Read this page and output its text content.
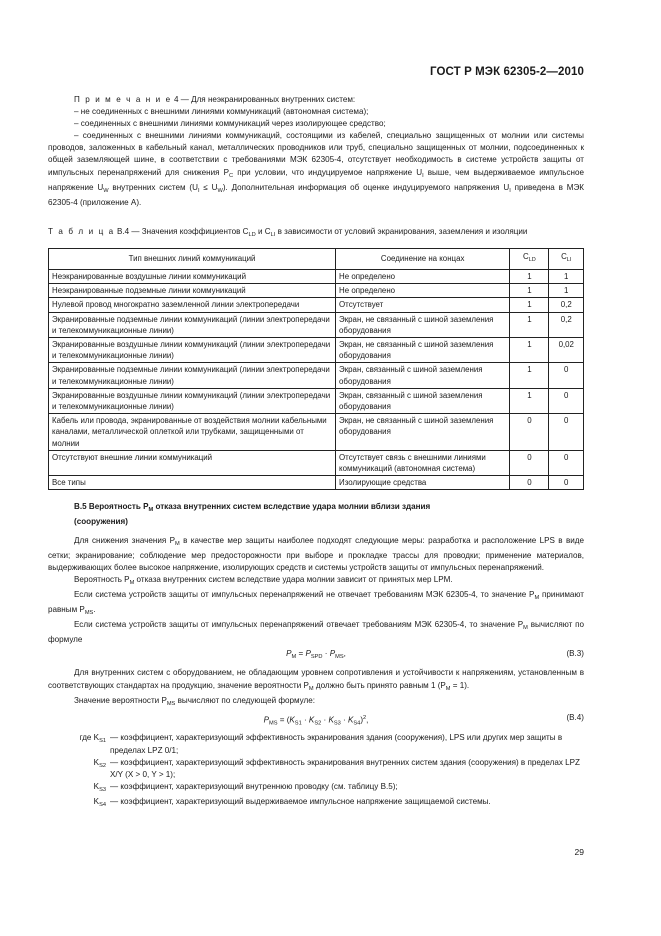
ГОСТ Р МЭК 62305-2—2010

П р и м е ч а н и е 4 — Для неэкранированных внутренних систем:

– не соединенных с внешними линиями коммуникаций (автономная система);

– соединенных с внешними линиями коммуникаций через изолирующее средство;

– соединенных с внешними линиями коммуникаций, состоящими из кабелей, специально защищенных от молнии или системы проводов, заложенных в кабельный канал, металлических проводников или труб, специально защищенных от молнии, подсоединенных к общей заземляющей шине, в соответствии с требованиями МЭК 62305-4, отсутствует необходимость в системе устройств защиты от импульсных перенапряжений для снижения $P_C$ при условии, что индуцируемое напряжение $U_I$ выше, чем выдерживаемое импульсное напряжение $U_W$ внутренних систем $(U_I \le U_W)$. Дополнительная информация об оценке индуцируемого напряжения $U_I$ приведена в МЭК 62305-4 (приложение А).

Т а б л и ц а В.4 — Значения коэффициентов $C_{LD}$ и $C_{LI}$ в зависимости от условий экранирования, заземления и изоляции

Тип внешних линий коммуникаций	Соединение на концах	$C_{LD}$	$C_{LI}$
Неэкранированные воздушные линии коммуникаций	Не определено	1	1
Неэкранированные подземные линии коммуникаций	Не определено	1	1
Нулевой провод многократно заземленной линии электропередачи	Отсутствует	1	0,2
Экранированные подземные линии коммуникаций (линии электропередачи и телекоммуникационные линии)	Экран, не связанный с шиной заземления оборудования	1	0,2
Экранированные воздушные линии коммуникаций (линии электропередачи и телекоммуникационные линии)	Экран, не связанный с шиной заземления оборудования	1	0,02
Экранированные подземные линии коммуникаций (линии электропередачи и телекоммуникационные линии)	Экран, связанный с шиной заземления оборудования	1	0
Экранированные воздушные линии коммуникаций (линии электропередачи и телекоммуникационные линии)	Экран, связанный с шиной заземления оборудования	1	0
Кабель или провода, экранированные от воздействия молнии кабельными каналами, металлической оплеткой или трубками, защищенными от молнии	Экран, не связанный с шиной заземления оборудования	0	0
Отсутствуют внешние линии коммуникаций	Отсутствует связь с внешними линиями коммуникаций (автономная система)	0	0
Все типы	Изолирующие средства	0	0
В.5 Вероятность $P_M$ отказа внутренних систем вследствие удара молнии вблизи здания
(сооружения)

Для снижения значения $P_M$ в качестве мер защиты наиболее подходят следующие меры: разработка и расположение LPS в виде сетки; экранирование; соблюдение мер предосторожности при выборе и прокладке трассы для проводки; применение материалов, выдерживающих более высокое напряжение, изолирующих средств и системы устройств защиты от импульсных перенапряжений.

Вероятность $P_M$ отказа внутренних систем вследствие удара молнии зависит от принятых мер LPM.

Если система устройств защиты от импульсных перенапряжений не отвечает требованиям МЭК 62305-4, то значение $P_M$ принимают равным $P_{MS}$.

Если система устройств защиты от импульсных перенапряжений отвечает требованиям МЭК 62305-4, то значение $P_M$ вычисляют по формуле

$P_M = P_{SPD} \cdot P_{MS}$,	(В.3)

Для внутренних систем с оборудованием, не обладающим уровнем сопротивления и устойчивости к напряжениям, установленным в соответствующих стандартах на продукцию, значение вероятности $P_M$ должно быть принято равным 1 $(P_M = 1)$.

Значение вероятности $P_{MS}$ вычисляют по следующей формуле:

$P_{MS} = (K_{S1} \cdot K_{S2} \cdot K_{S3} \cdot K_{S4})^2$,	(В.4)
где $K_{S1}$ — коэффициент, характеризующий эффективность экранирования здания (сооружения), LPS или других мер защиты в пределах LPZ 0/1;
$K_{S2}$ — коэффициент, характеризующий эффективность экранирования внутренних систем здания (сооружения) в пределах LPZ X/Y (X > 0, Y > 1);
$K_{S3}$ — коэффициент, характеризующий внутреннюю проводку (см. таблицу В.5);
$K_{S4}$ — коэффициент, характеризующий выдерживаемое импульсное напряжение защищаемой системы.
29
